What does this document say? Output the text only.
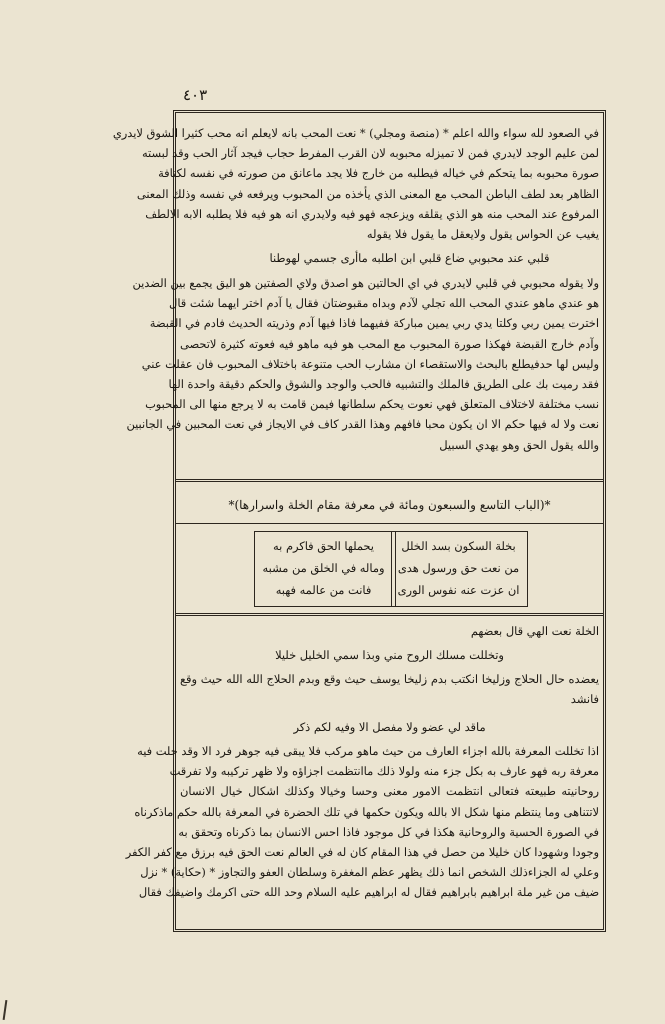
٤٠٣
في الصعود لله سواء والله اعلم * (منصة ومجلي) * نعت المحب بانه لايعلم انه محب كثيرا الشوق لايدري
لمن عليم الوجد لايدري فمن لا تميزله محبوبه لان القرب المفرط حجاب فيجد آثار الحب وقد لبسته
صورة محبوبه بما يتحكم في خياله فيطلبه من خارج فلا يجد ماعانق من صورته في نفسه لكنافة
الظاهر بعد لطف الباطن المحب مع المعنى الذي يأخذه من المحبوب ويرفعه في نفسه وذلك المعنى
المرفوع عند المحب منه هو الذي يقلقه ويزعجه فهو فيه ولايدري انه هو فيه فلا يطلبه الابه الالطف
يغيب عن الحواس يقول ولايعقل ما يقول فلا يقوله
قلبي عند محبوبي ضاع قلبي ابن اطلبه ماأرى جسمي لهوطنا
ولا يقوله محبوبي في قلبي لايدري في اي الحالتين هو اصدق ولاي الصفتين هو اليق يجمع بين الضدين
هو عندي ماهو عندي المحب الله تجلي لآدم وبداه مقبوضتان فقال يا آدم اختر ايهما شئت قال
اخترت يمين ربي وكلتا يدي ربي يمين مباركة ففيهما فاذا فيها آدم وذريته الحديث فادم في القبضة
وآدم خارج القبضة فهكذا صورة المحبوب مع المحب هو فيه ماهو فيه فعوته كثيرة لاتحصى
وليس لها حدفيطلع بالبحث والاستقصاء ان مشارب الحب متنوعة باختلاف المحبوب فان عقلت عني
فقد رميت بك على الطريق فالملك والتشبيه فالحب والوجد والشوق والحكم دقيقة واحدة الها
نسب مختلفة لاختلاف المتعلق فهي نعوت يحكم سلطانها فيمن قامت به لا يرجع منها الى المحبوب
نعت ولا له فيها حكم الا ان يكون محبا فافهم وهذا القدر كاف في الايجاز في نعت المحبين في الجانبين
والله يقول الحق وهو يهدي السبيل
*(الباب التاسع والسبعون ومائة في معرفة مقام الخلة واسرارها)*
بخلة السكون بسد الخلل
من نعت حق ورسول هدى
ان عزت عنه نفوس الورى
يحملها الحق فاكرم به
وماله في الخلق من مشبه
فانت من عالمه فهبه
الخلة نعت الهي قال بعضهم
وتخللت مسلك الروح مني وبذا سمي الخليل خليلا
يعضده حال الحلاج وزليخا انكتب بدم زليخا يوسف حيث وقع وبدم الحلاج الله الله حيث وقع
فانشد
ماقد لي عضو ولا مفصل الا وفيه لكم ذكر
اذا تخللت المعرفة بالله اجزاء العارف من حيث ماهو مركب فلا يبقى فيه جوهر فرد الا وقد حلت فيه
معرفة ربه فهو عارف به بكل جزء منه ولولا ذلك ماانتظمت اجزاؤه ولا ظهر تركيبه ولا تفرقت
روحانيته طبيعته فتعالى انتظمت الامور معنى وحسا وخيالا وكذلك اشكال خيال الانسان
لاتتناهى وما ينتظم منها شكل الا بالله ويكون حكمها في تلك الحضرة في المعرفة بالله حكم ماذكرناه
في الصورة الحسية والروحانية هكذا في كل موجود فاذا احس الانسان بما ذكرناه وتحقق به
وجودا وشهودا كان خليلا من حصل في هذا المقام كان له في العالم نعت الحق فيه برزق مع كفر الكفر
وعلي له الجزاءذلك الشخص انما ذلك يظهر عظم المغفرة وسلطان العفو والتجاوز * (حكاية) * نزل
ضيف من غير ملة ابراهيم بابراهيم فقال له ابراهيم عليه السلام وحد الله حتى اكرمك واضيفك فقال
